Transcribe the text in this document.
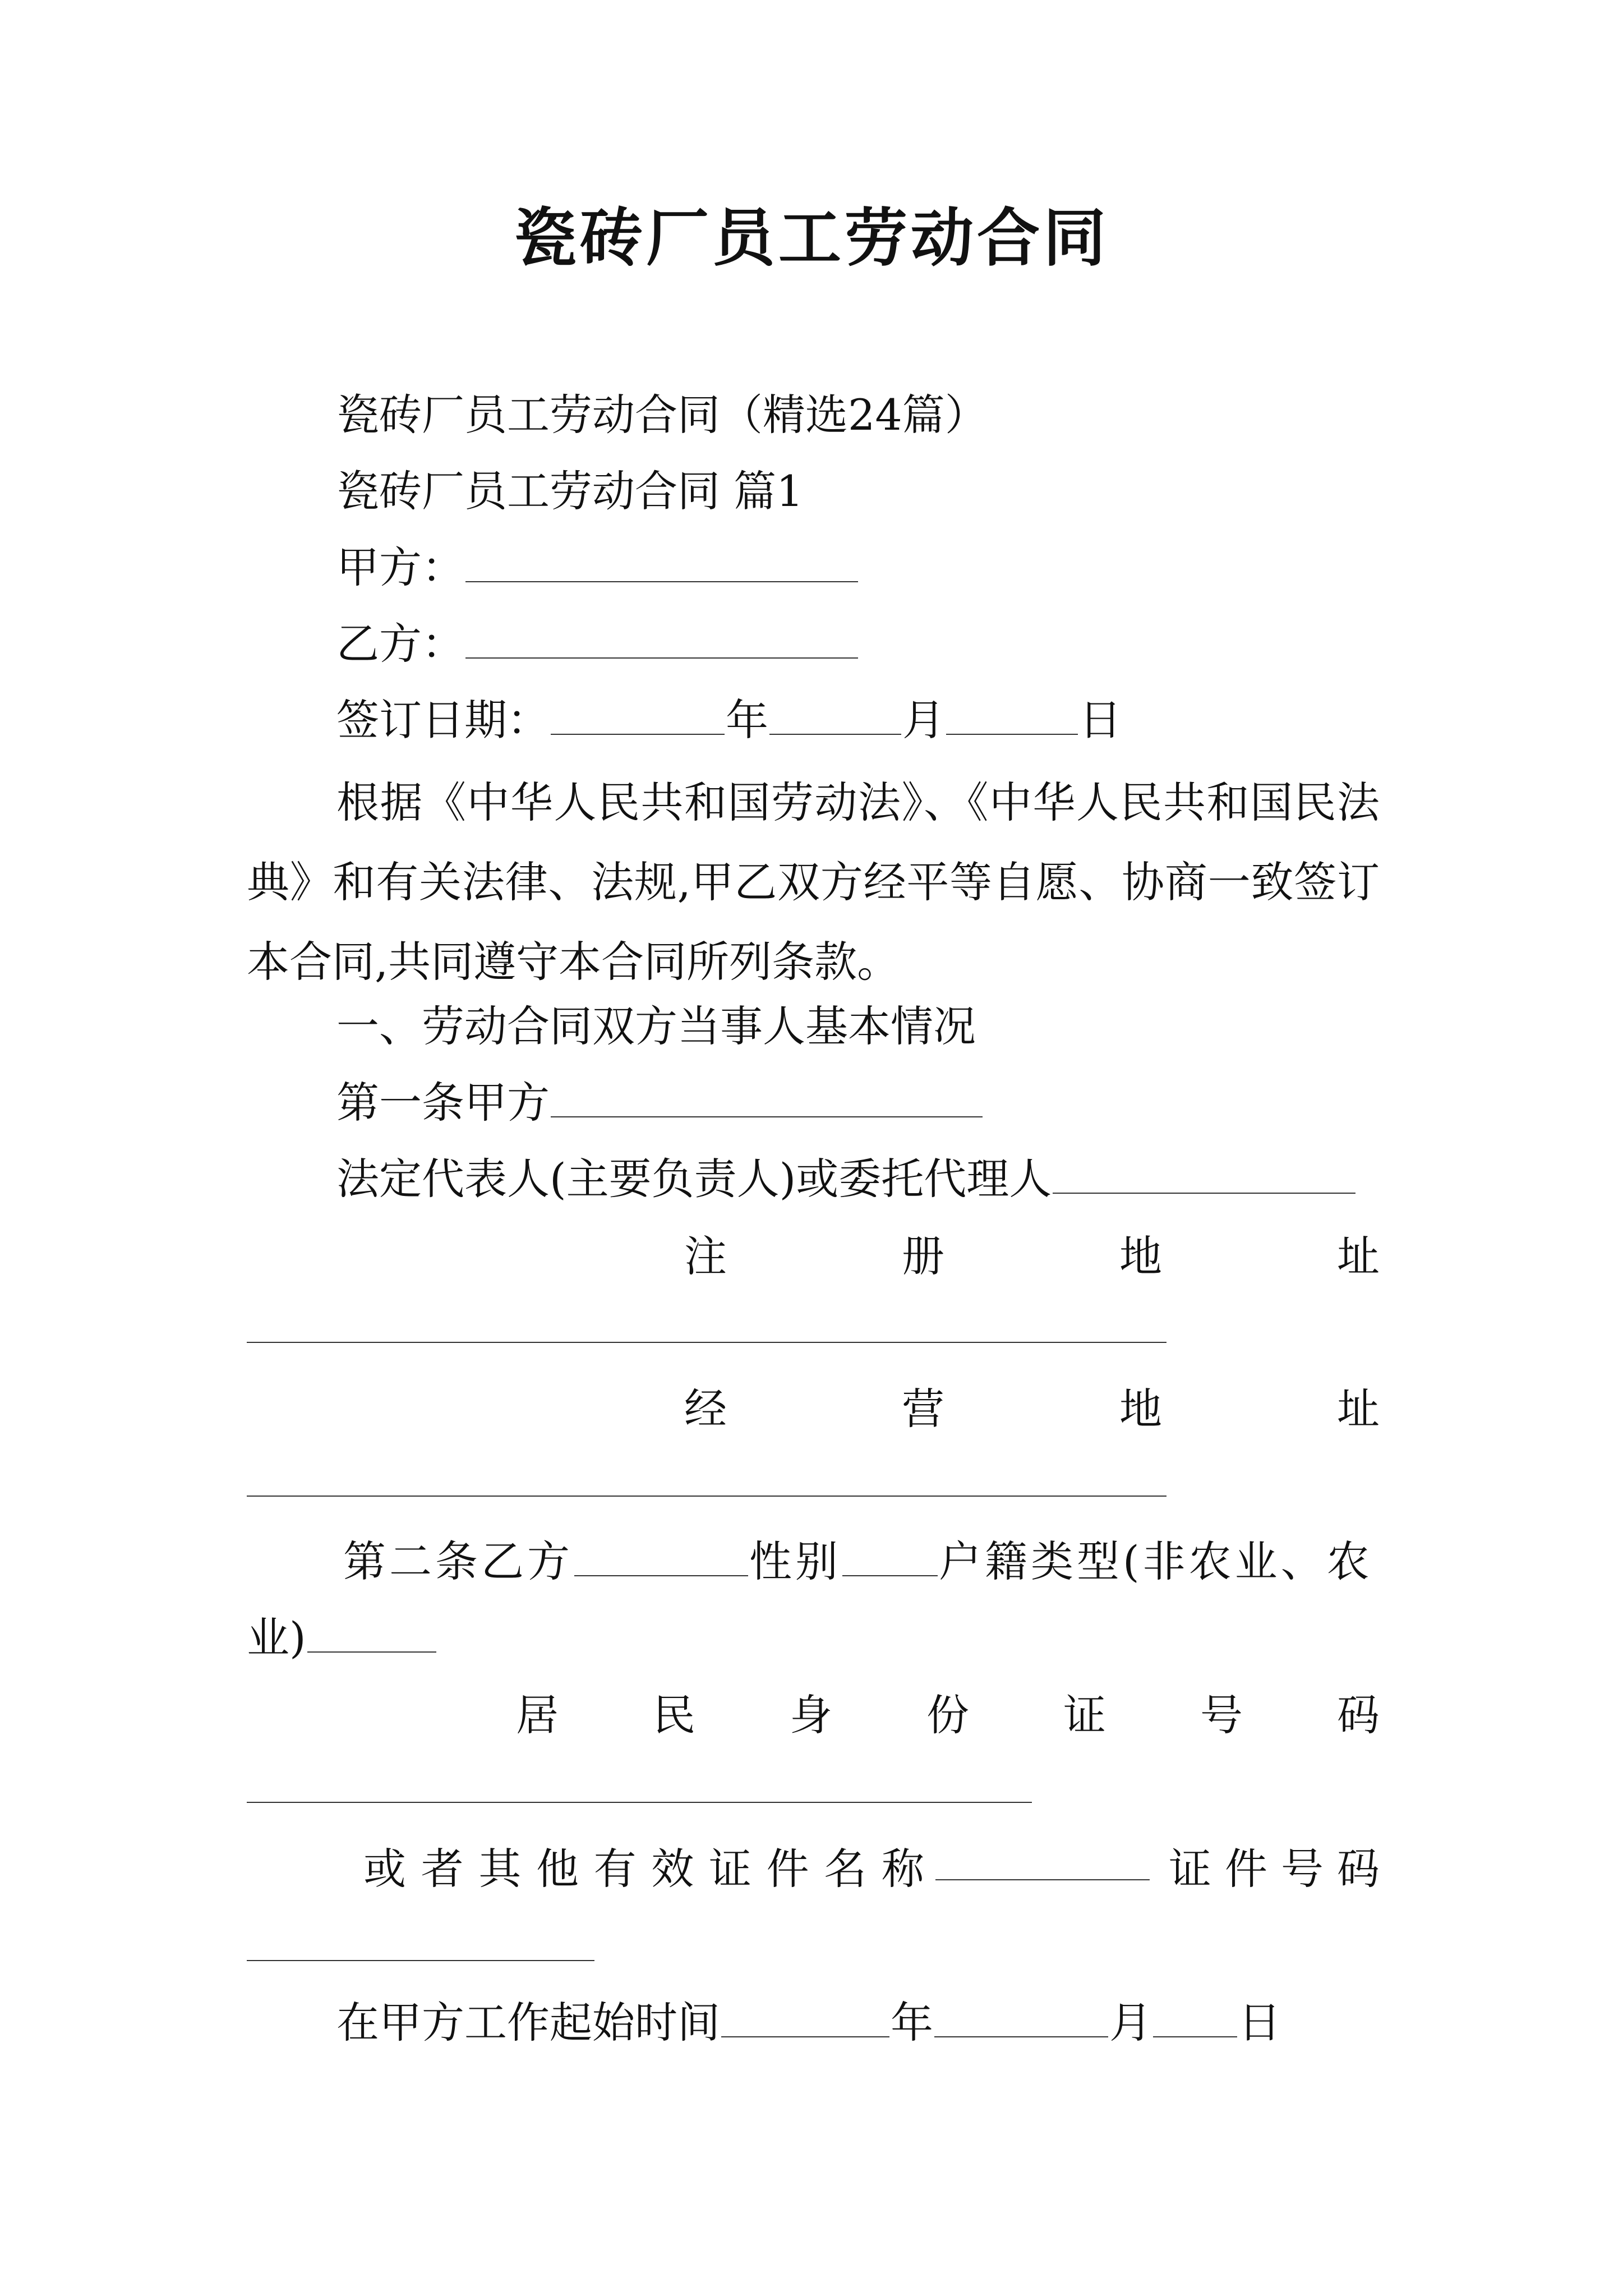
瓷砖厂员工劳动合同
瓷砖厂员工劳动合同（精选24篇）
瓷砖厂员工劳动合同 篇1
甲方：
乙方：
签订日期：	年	月	日
根据《中华人民共和国劳动法》、《中华人民共和国民法典》和有关法律、法规,甲乙双方经平等自愿、协商一致签订本合同,共同遵守本合同所列条款。
一、劳动合同双方当事人基本情况
第一条甲方
法定代表人(主要负责人)或委托代理人
注	册	地	址
经	营	地	址
第二条乙方	性别 户籍类型(非农业、农
业)
居 民 身 份 证 号 码
或 者 其 他 有 效 证 件 名 称	证 件 号 码
在甲方工作起始时间	年	月 日
